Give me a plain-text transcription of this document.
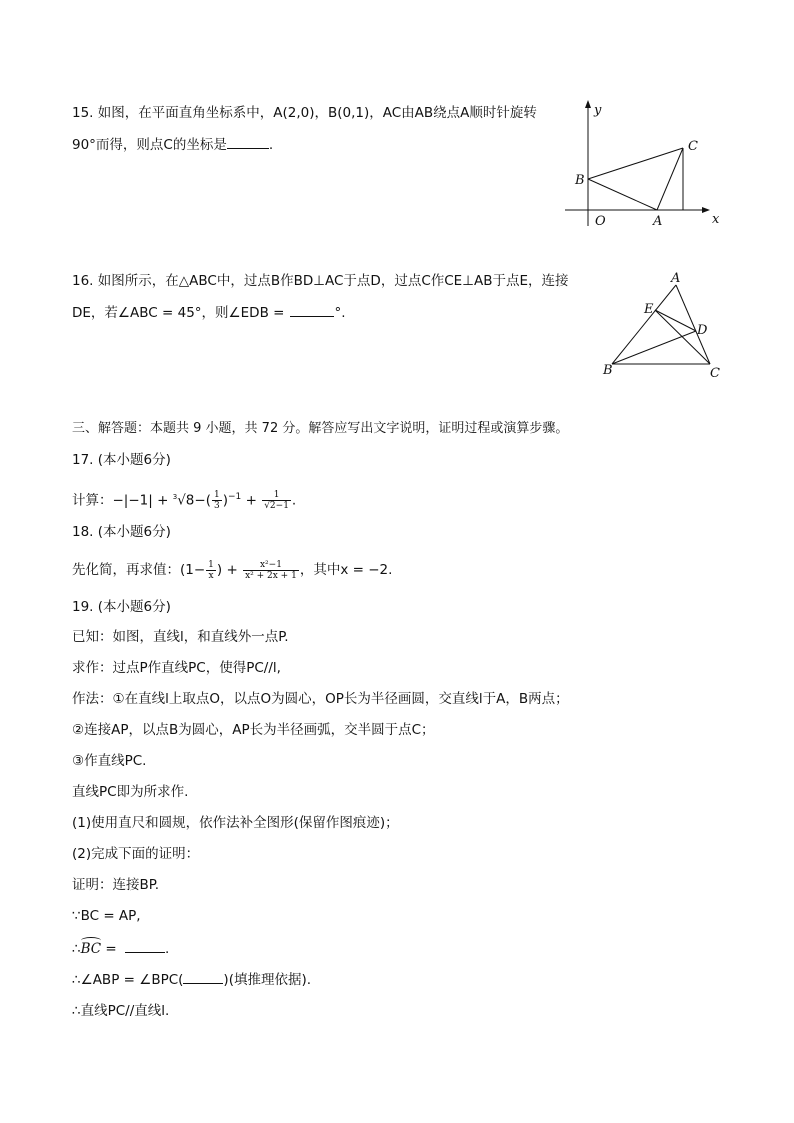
15. 如图，在平面直角坐标系中，A(2,0)，B(0,1)，AC由AB绕点A顺时针旋转
90°而得，则点C的坐标是	.
y
x
O	A
B
C
16. 如图所示，在△ABC中，过点B作BD⊥AC于点D，过点C作CE⊥AB于点E，连接
DE，若∠ABC = 45°，则∠EDB =	°.
A
E
D
B	C
三、解答题：本题共 9 小题，共 72 分。解答应写出文字说明，证明过程或演算步骤。
17. (本小题6分)
计算：$-|-1| + ^3√8-( \frac{1}{3} )^{-1} + \frac{1}{√2-1}$ .
18. (本小题6分)
先化简，再求值：($1- \frac{1}{x}$ ) + $\frac{\text{x²−1}}{\text{x² + 2x + 1}}$ ，其中x = −2.
19. (本小题6分)
已知：如图，直线l，和直线外一点P.
求作：过点P作直线PC，使得PC//l,
作法：①在直线l上取点O，以点O为圆心，OP长为半径画圆，交直线l于A，B两点；
②连接AP，以点B为圆心，AP长为半径画弧，交半圆于点C；
③作直线PC.
直线PC即为所求作.
(1)使用直尺和圆规，依作法补全图形(保留作图痕迹)；
(2)完成下面的证明：
证明：连接BP.
∵BC = AP,
∴BC =	.
∴∠ABP = ∠BPC(	)(填推理依据).
∴直线PC//直线l.
